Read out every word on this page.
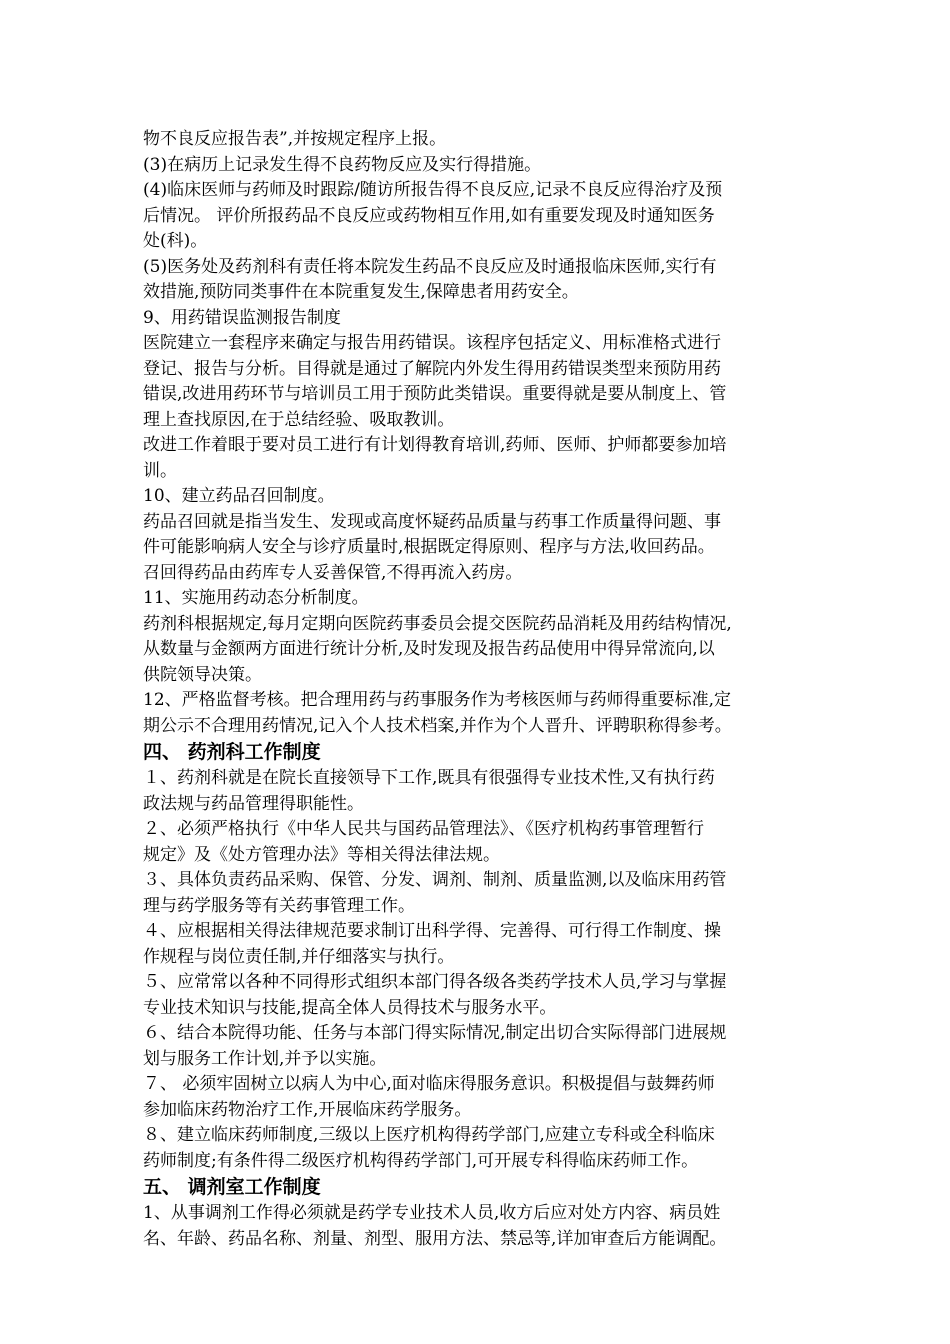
物不良反应报告表”,并按规定程序上报。

(3)在病历上记录发生得不良药物反应及实行得措施。

(4)临床医师与药师及时跟踪/随访所报告得不良反应,记录不良反应得治疗及预

后情况。 评价所报药品不良反应或药物相互作用,如有重要发现及时通知医务

处(科)。

(5)医务处及药剂科有责任将本院发生药品不良反应及时通报临床医师,实行有

效措施,预防同类事件在本院重复发生,保障患者用药安全。

9、用药错误监测报告制度

医院建立一套程序来确定与报告用药错误。该程序包括定义、用标准格式进行

登记、报告与分析。目得就是通过了解院内外发生得用药错误类型来预防用药

错误,改进用药环节与培训员工用于预防此类错误。重要得就是要从制度上、管

理上查找原因,在于总结经验、吸取教训。

改进工作着眼于要对员工进行有计划得教育培训,药师、医师、护师都要参加培

训。

10、建立药品召回制度。

药品召回就是指当发生、发现或高度怀疑药品质量与药事工作质量得问题、事

件可能影响病人安全与诊疗质量时,根据既定得原则、程序与方法,收回药品。

召回得药品由药库专人妥善保管,不得再流入药房。

11、实施用药动态分析制度。

药剂科根据规定,每月定期向医院药事委员会提交医院药品消耗及用药结构情况,

从数量与金额两方面进行统计分析,及时发现及报告药品使用中得异常流向,以

供院领导决策。

12、严格监督考核。把合理用药与药事服务作为考核医师与药师得重要标准,定

期公示不合理用药情况,记入个人技术档案,并作为个人晋升、评聘职称得参考。

四、 药剂科工作制度

１、药剂科就是在院长直接领导下工作,既具有很强得专业技术性,又有执行药

政法规与药品管理得职能性。

２、必须严格执行《中华人民共与国药品管理法》、《医疗机构药事管理暂行

规定》及《处方管理办法》等相关得法律法规。

３、具体负责药品采购、保管、分发、调剂、制剂、质量监测,以及临床用药管

理与药学服务等有关药事管理工作。

４、应根据相关得法律规范要求制订出科学得、完善得、可行得工作制度、操

作规程与岗位责任制,并仔细落实与执行。

５、应常常以各种不同得形式组织本部门得各级各类药学技术人员,学习与掌握

专业技术知识与技能,提高全体人员得技术与服务水平。

６、结合本院得功能、任务与本部门得实际情况,制定出切合实际得部门进展规

划与服务工作计划,并予以实施。

７、 必须牢固树立以病人为中心,面对临床得服务意识。积极提倡与鼓舞药师

参加临床药物治疗工作,开展临床药学服务。

８、建立临床药师制度,三级以上医疗机构得药学部门,应建立专科或全科临床

药师制度;有条件得二级医疗机构得药学部门,可开展专科得临床药师工作。

五、 调剂室工作制度

1、从事调剂工作得必须就是药学专业技术人员,收方后应对处方内容、病员姓

名、年龄、药品名称、剂量、剂型、服用方法、禁忌等,详加审查后方能调配。
